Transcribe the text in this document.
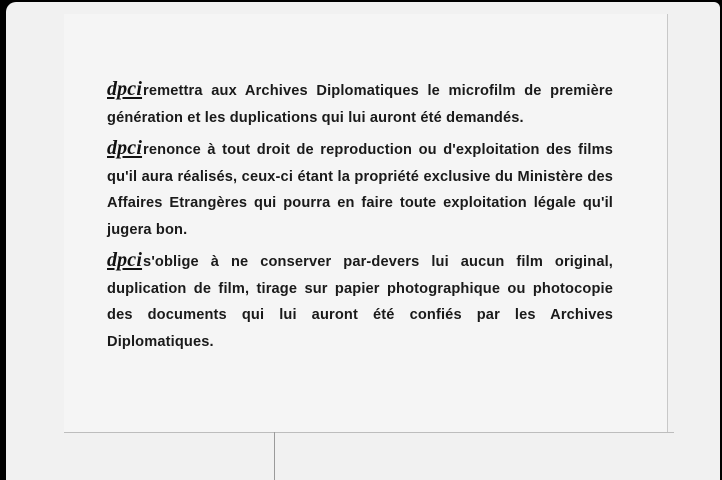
dpciremettra aux Archives Diplomatiques le microfilm de première génération et les duplications qui lui auront été demandés.

dpcirenonce à tout droit de reproduction ou d'exploitation des films qu'il aura réalisés, ceux-ci étant la propriété exclusive du Ministère des Affaires Etrangères qui pourra en faire toute exploitation légale qu'il jugera bon.

dpcis'oblige à ne conserver par-devers lui aucun film original, duplication de film, tirage sur papier photographique ou photocopie des documents qui lui auront été confiés par les Archives Diplomatiques.
